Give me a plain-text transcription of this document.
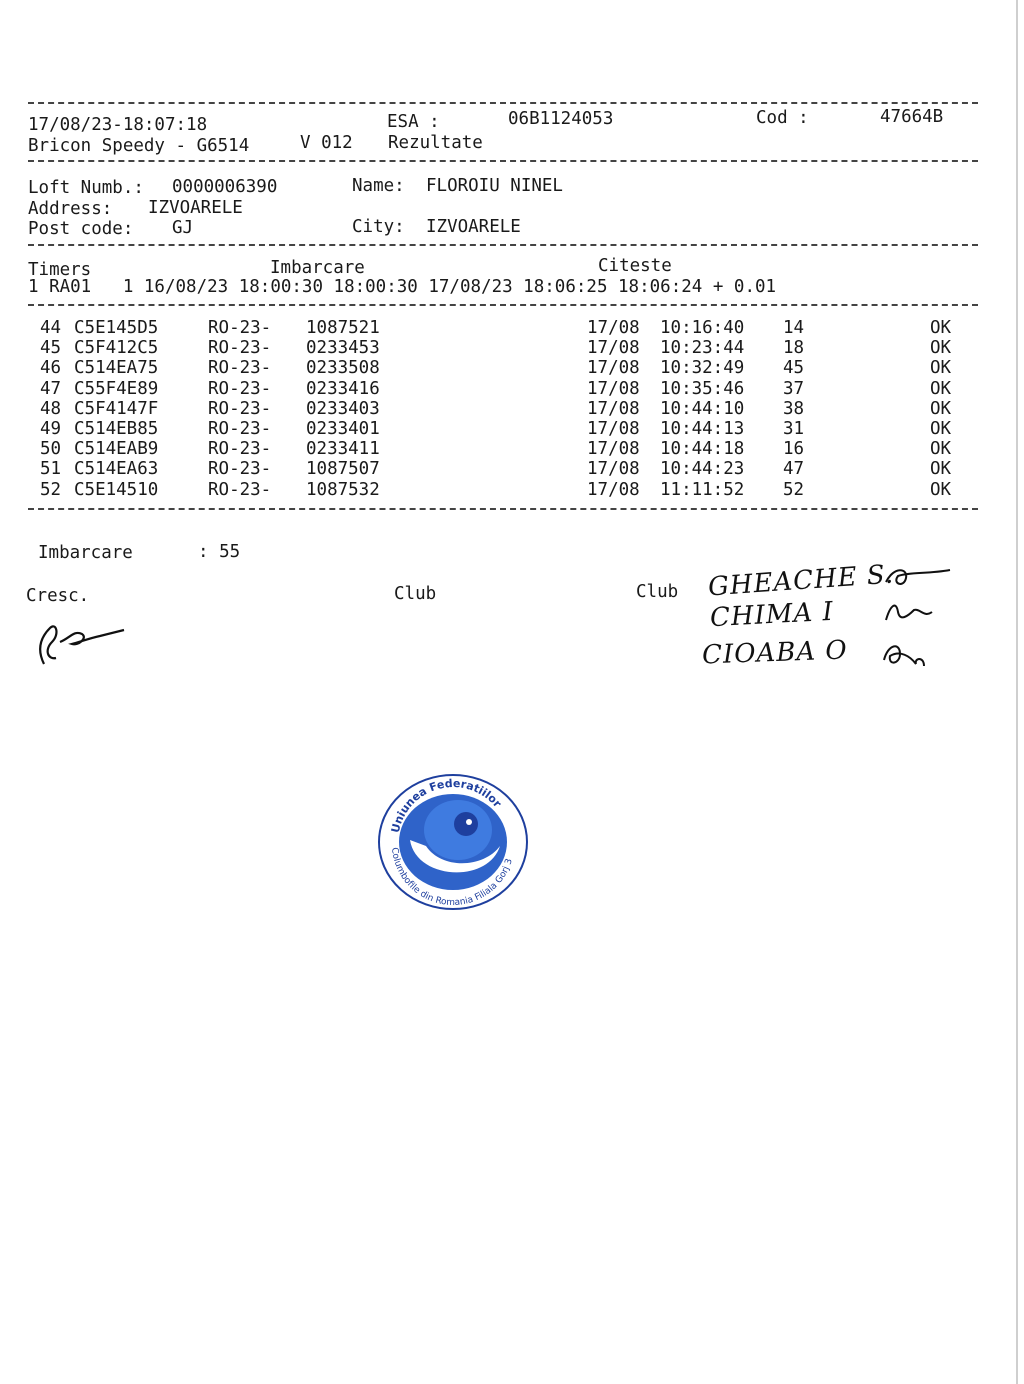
17/08/23-18:07:18	ESA :	06B1124053	Cod :	47664B
Bricon Speedy - G6514	V 012 Rezultate
Loft Numb.: 0000006390	Name: FLOROIU NINEL
Address: IZVOARELE
Post code: GJ	City: IZVOARELE
Timers	Imbarcare	Citeste
1 RA01   1 16/08/23 18:00:30 18:00:30 17/08/23 18:06:25 18:06:24 + 0.01
44 C5E145D5	RO-23- 1087521	17/08 10:16:40 14	OK
45 C5F412C5	RO-23- 0233453	17/08 10:23:44 18	OK
46 C514EA75	RO-23- 0233508	17/08 10:32:49 45	OK
47 C55F4E89	RO-23- 0233416	17/08 10:35:46 37	OK
48 C5F4147F	RO-23- 0233403	17/08 10:44:10 38	OK
49 C514EB85	RO-23- 0233401	17/08 10:44:13 31	OK
50 C514EAB9	RO-23- 0233411	17/08 10:44:18 16	OK
51 C514EA63	RO-23- 1087507	17/08 10:44:23 47	OK
52 C5E14510	RO-23- 1087532	17/08 11:11:52 52	OK
Imbarcare	: 55
Cresc.	Club	Club GHEACHE S.
CHIMA I
CIOABA O
Uniunea Federatiilor
Columbofile din Romania Filiala Gorj 3
